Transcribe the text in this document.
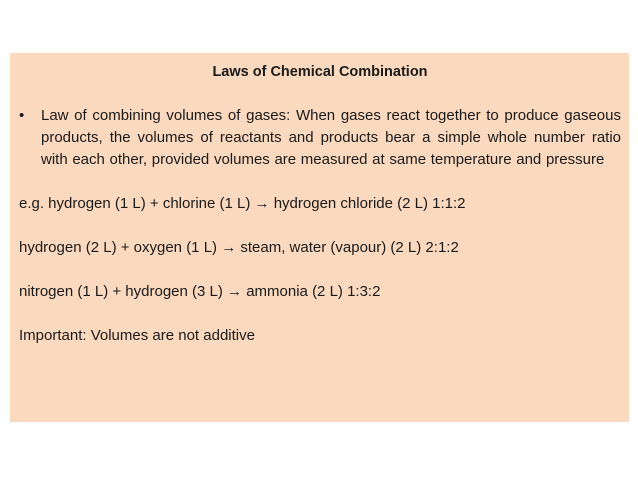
Laws of Chemical Combination
•	Law of combining volumes of gases: When gases react together to produce gaseous products, the volumes of reactants and products bear a simple whole number ratio with each other, provided volumes are measured at same temperature and pressure
e.g. hydrogen (1 L) + chlorine (1 L) → hydrogen chloride (2 L) 1:1:2
hydrogen (2 L) + oxygen (1 L) → steam, water (vapour) (2 L) 2:1:2
nitrogen (1 L) + hydrogen (3 L) → ammonia (2 L) 1:3:2
Important: Volumes are not additive
